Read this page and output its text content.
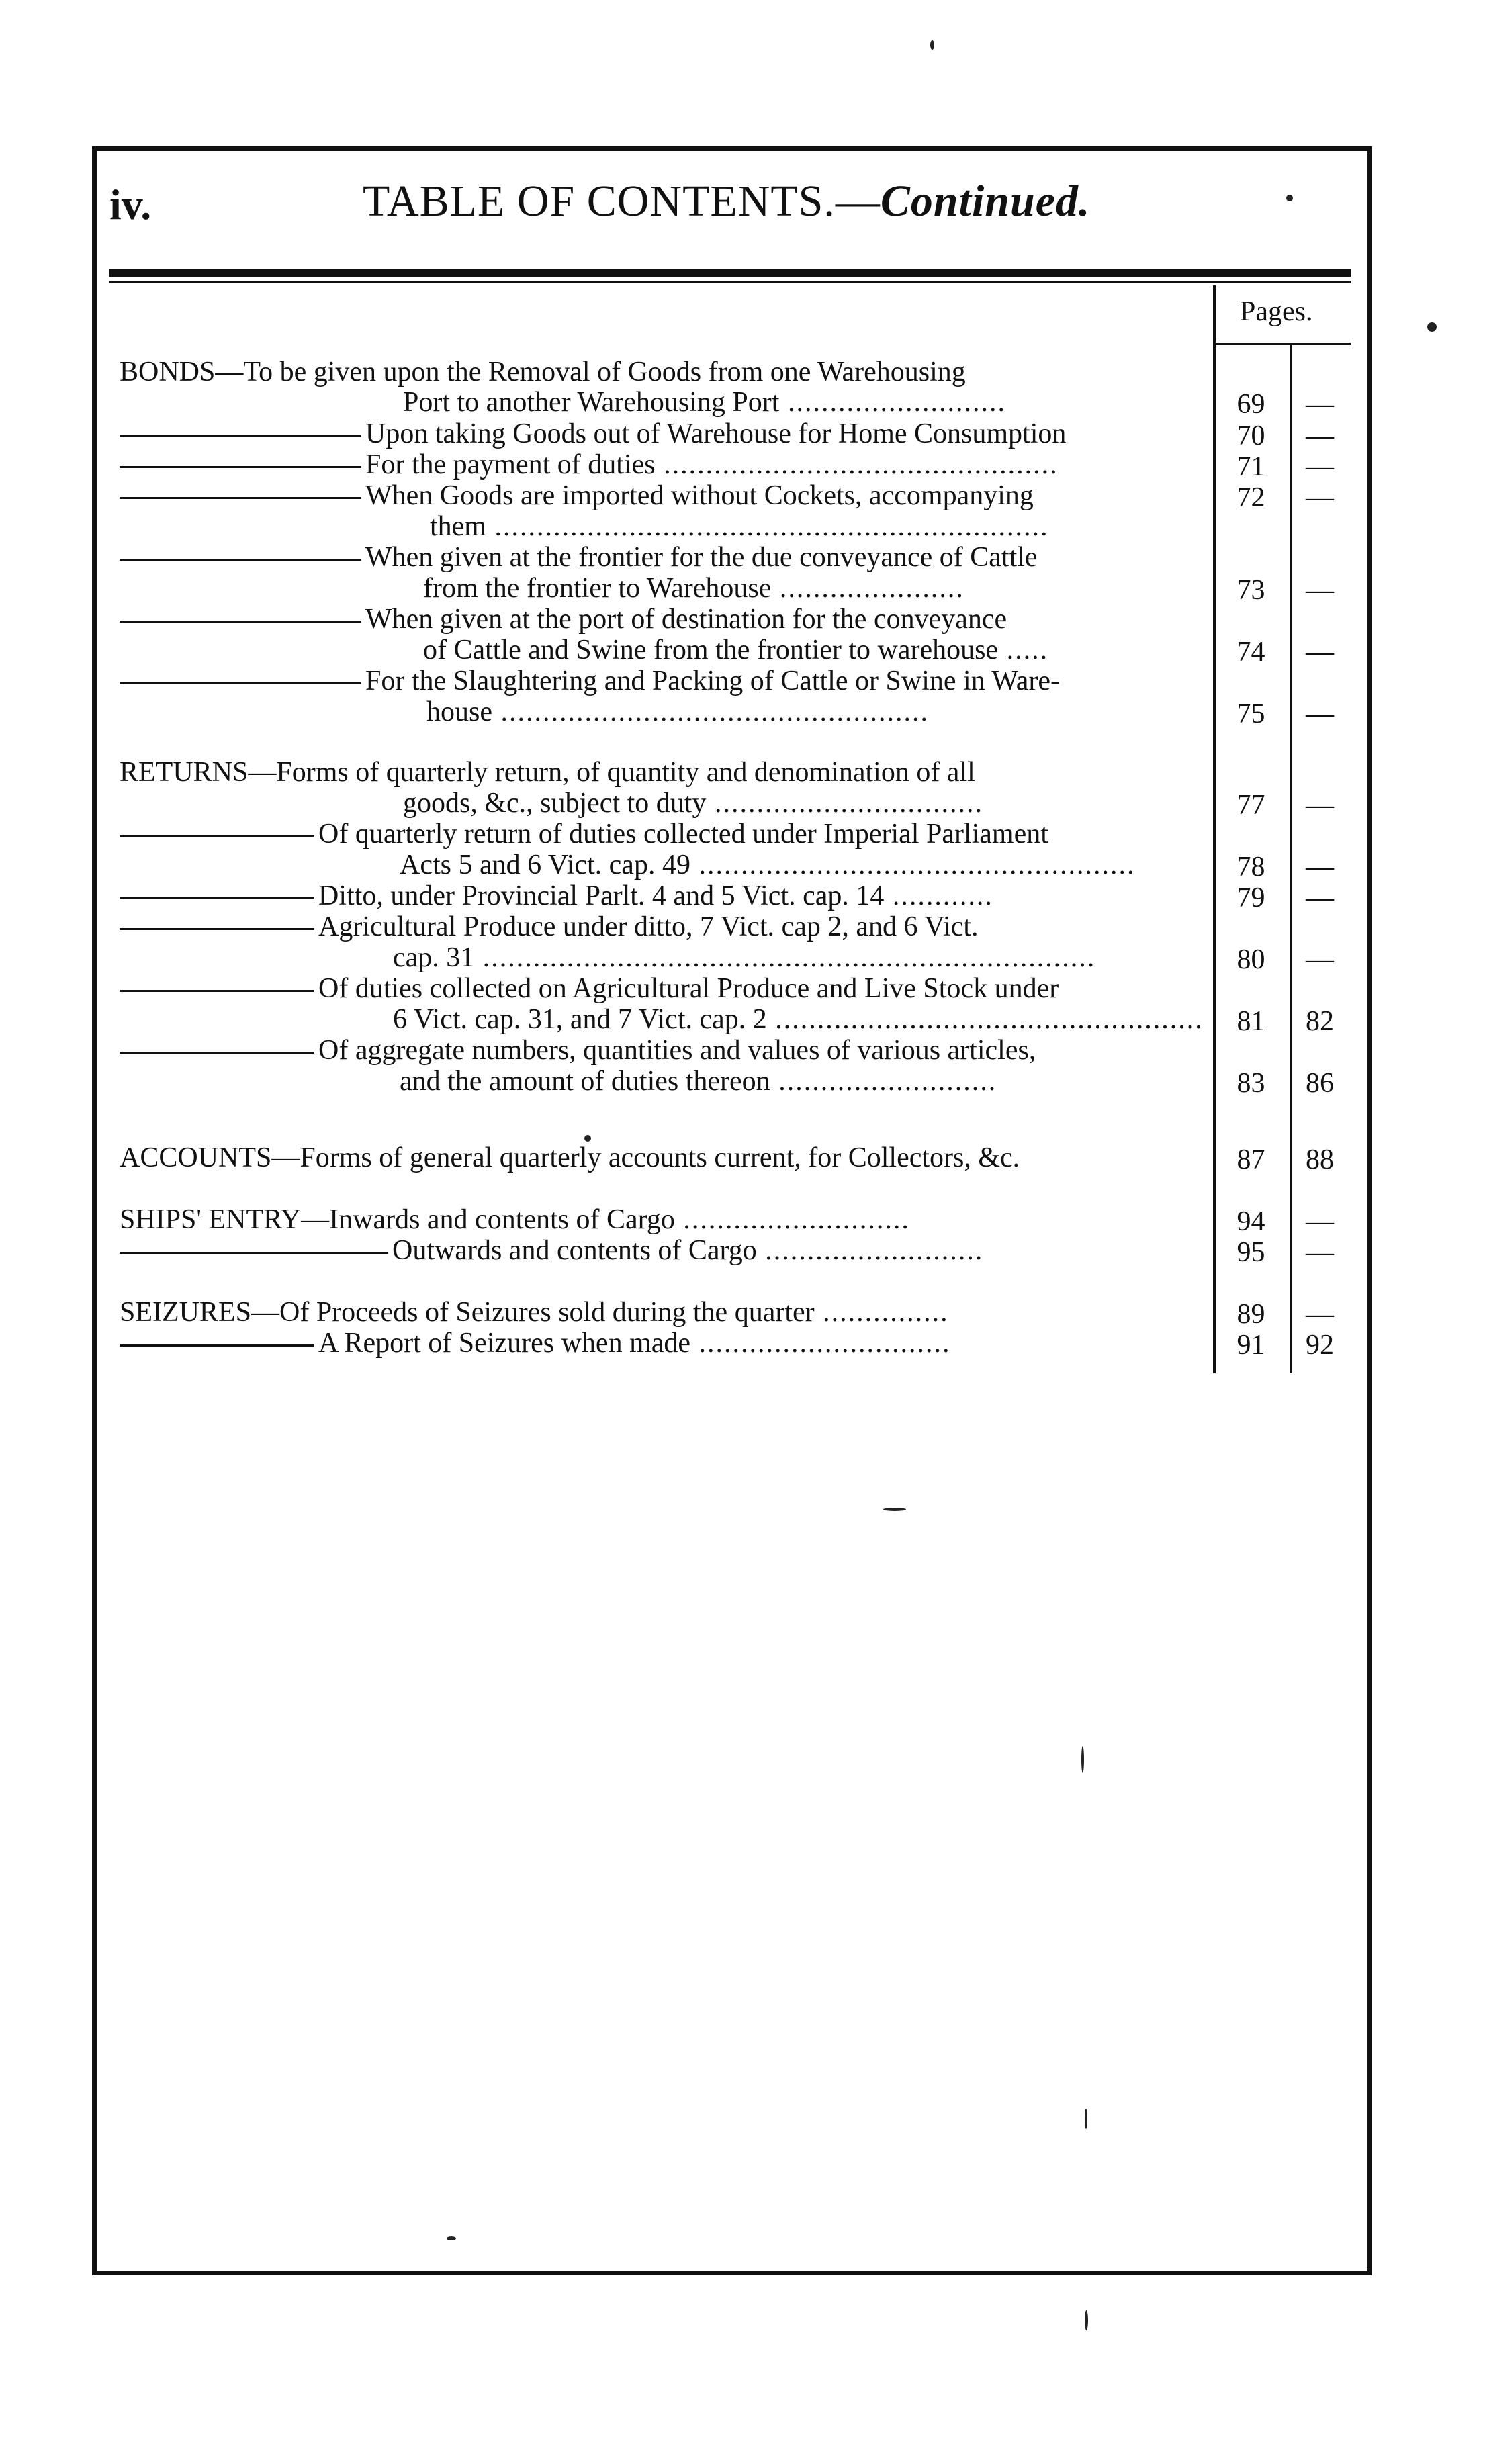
iv.	TABLE OF CONTENTS.—Continued.
Pages.
BONDS—To be given upon the Removal of Goods from one Warehousing
Port to another Warehousing Port ..........................	69	—
Upon taking Goods out of Warehouse for Home Consumption	70	—
For the payment of duties ...............................................	71	—
When Goods are imported without Cockets, accompanying	72	—
them ..................................................................
When given at the frontier for the due conveyance of Cattle
from the frontier to Warehouse ......................	73	—
When given at the port of destination for the conveyance
of Cattle and Swine from the frontier to warehouse .....	74	—
For the Slaughtering and Packing of Cattle or Swine in Ware-
house ...................................................	75	—
RETURNS—Forms of quarterly return, of quantity and denomination of all
goods, &c., subject to duty ................................	77	—
Of quarterly return of duties collected under Imperial Parliament
Acts 5 and 6 Vict. cap. 49 ....................................................	78	—
Ditto, under Provincial Parlt. 4 and 5 Vict. cap. 14 ............	79	—
Agricultural Produce under ditto, 7 Vict. cap 2, and 6 Vict.
cap. 31 .........................................................................	80	—
Of duties collected on Agricultural Produce and Live Stock under
6 Vict. cap. 31, and 7 Vict. cap. 2 ...................................................	81	82
Of aggregate numbers, quantities and values of various articles,
and the amount of duties thereon ..........................	83	86
ACCOUNTS—Forms of general quarterly accounts current, for Collectors, &c.	87	88
SHIPS' ENTRY—Inwards and contents of Cargo ...........................	94	—
Outwards and contents of Cargo ..........................	95	—
SEIZURES—Of Proceeds of Seizures sold during the quarter ...............	89	—
A Report of Seizures when made ..............................	91	92
